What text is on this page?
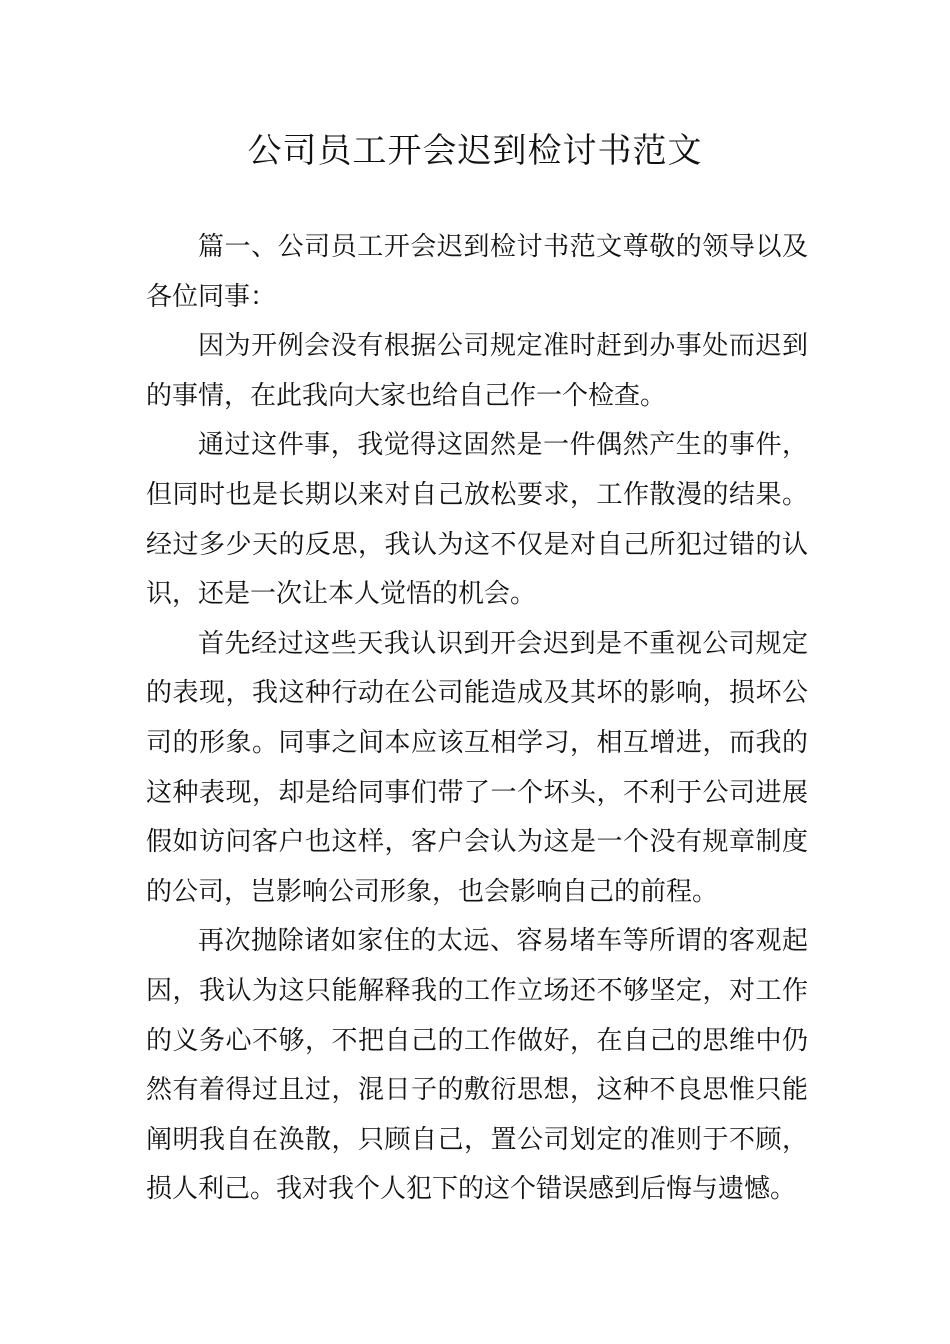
公司员工开会迟到检讨书范文

篇一、公司员工开会迟到检讨书范文尊敬的领导以及各位同事：

因为开例会没有根据公司规定准时赶到办事处而迟到的事情，在此我向大家也给自己作一个检查。

通过这件事，我觉得这固然是一件偶然产生的事件，但同时也是长期以来对自己放松要求，工作散漫的结果。经过多少天的反思，我认为这不仅是对自己所犯过错的认识，还是一次让本人觉悟的机会。

首先经过这些天我认识到开会迟到是不重视公司规定的表现，我这种行动在公司能造成及其坏的影响，损坏公司的形象。同事之间本应该互相学习，相互增进，而我的这种表现，却是给同事们带了一个坏头，不利于公司进展假如访问客户也这样，客户会认为这是一个没有规章制度的公司，岂影响公司形象，也会影响自己的前程。

再次抛除诸如家住的太远、容易堵车等所谓的客观起因，我认为这只能解释我的工作立场还不够坚定，对工作的义务心不够，不把自己的工作做好，在自己的思维中仍然有着得过且过，混日子的敷衍思想，这种不良思惟只能阐明我自在涣散，只顾自己，置公司划定的准则于不顾，损人利己。我对我个人犯下的这个错误感到后悔与遗憾。
